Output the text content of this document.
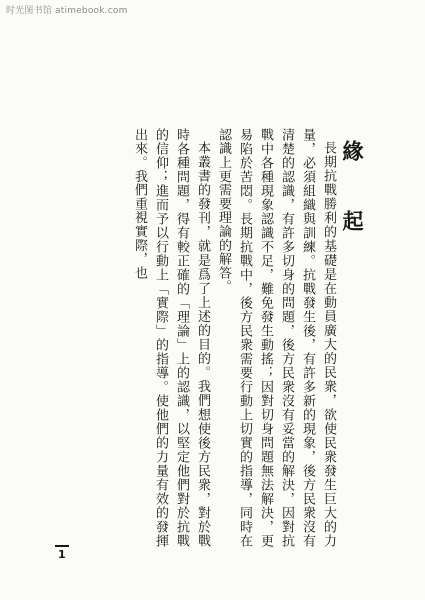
时光图书馆 atimebook.com
緣　起

長期抗戰勝利的基礎是在動員廣大的民衆，欲使民衆發生巨大的力量，必須組織與訓練。抗戰發生後，有許多新的現象，後方民衆沒有清楚的認識，有許多切身的問題，後方民衆沒有妥當的解決，因對抗戰中各種現象認識不足，難免發生動搖；因對切身問題無法解決，更易陷於苦悶。長期抗戰中，後方民衆需要行動上切實的指導，同時在認識上更需要理論的解答。

本叢書的發刊，就是爲了上述的目的。我們想使後方民衆，對於戰時各種問題，得有較正確的「理論」上的認識，以堅定他們對於抗戰的信仰；進而予以行動上「實際」的指導。使他們的力量有效的發揮出來。我們重視實際，也

1
